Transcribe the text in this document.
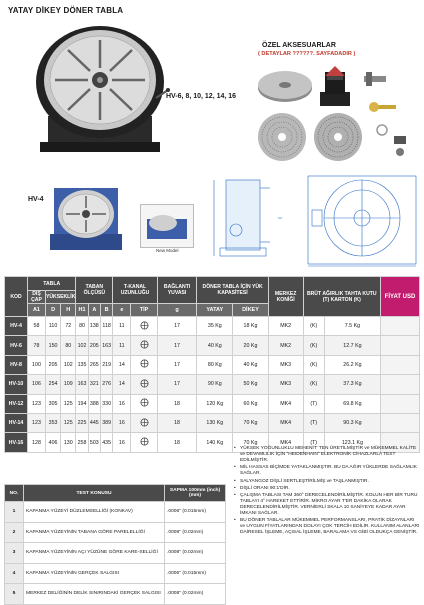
YATAY DİKEY DÖNER TABLA
HV-6, 8, 10, 12, 14, 16
ÖZEL AKSESUARLAR
( DETAYLAR ??????. SAYFADADIR )
HV-4
New Model
KOD	TABLA			TABAN ÖLÇÜSÜ			T-KANAL UZUNLUĞU		BAĞLANTI YUVASI	DÖNER TABLA İÇİN YÜK KAPASİTESİ		MERKEZ KONİĞİ	BRÜT AĞIRLIK TAHTA KUTU (T) KARTON (K)		FİYAT USD
	DIŞ ÇAP	YÜKSEKLİK													
	A1	D	H	H1	A	B	e	TİP	g	YATAY	DİKEY				
HV-4	58	110	72	80	138	118	11		17	35 Kg	18 Kg	MK2	(K)	7.5 Kg	
HV-6	78	150	80	102	205	163	11		17	40 Kg	20 Kg	MK2	(K)	12.7 Kg	
HV-8	100	205	102	135	265	219	14		17	80 Kg	40 Kg	MK3	(K)	26.2 Kg	
HV-10	106	254	109	163	321	276	14		17	90 Kg	50 Kg	MK3	(K)	37.3 Kg	
HV-12	123	305	125	194	388	330	16		18	120 Kg	60 Kg	MK4	(T)	69.8 Kg	
HV-14	123	353	125	225	445	389	16		18	130 Kg	70 Kg	MK4	(T)	90.3 Kg	
HV-16	128	406	130	258	503	435	16		18	140 Kg	70 Kg	MK4	(T)	123.1 Kg	
NO.	TEST KONUSU	SAPMA 100mm (inch) (mm)
1	KAPANMA YÜZEYİ DÜZLEMSELLİĞİ (KONKAV)	.0006" (0.015mm)
2	KAPANMA YÜZEYİNİN TABANA GÖRE PARELELLİĞİ	.0008" (0.02mm)
3	KAPANMA YÜZEYİNİN AÇI YÜZÜNE GÖRE KARE-SELLİĞİ	.0008" (0.02mm)
4	KAPANMA YÜZEYİNİN GERÇEK SALGISI	.0006" (0.015mm)
5	MERKEZ DELİĞİNİN DELİK SINIRINDAKİ GERÇEK SALGISI	.0008" (0.02mm)
• YÜKSEK YOĞUNLUKLU MEHENİT' TEN ÜRETİLMİŞTİR ve MÜKEMMEL KALİTE ve DEVAMLILIK İÇİN "HEIDENHAIN" ELEKTRONİK CİHAZLARLA TEST EDİLMİŞTİR.
• MİL HASSAS BİÇİMDE YATAKLANMIŞTIR. BU DA AĞIR YÜKLERDE SAĞLAMLIK SAĞLAR.
• SALYANGOZ DİŞLİ SERTLEŞTİRİLMİŞ ve TAŞLANMIŞTIR.
• DİŞLİ ORANI 90:1'DİR.
• ÇALIŞMA TABLASI TAM 360° DERECELENDİRİLMİŞTİR. KOLUN HER BİR TURU TABLAYI 4° HAREKET ETTİRİR. MİKRO AYAR T'ER DAKİKA OLARAK DERECELENDİRİLMİŞTİR. VERNİERLİ SKALA 10 SANİYEYE KADAR AYAR İMKANI SAĞLAR.
• BU DÖNER TABLALAR MÜKEMMEL PERFORMANSLARI, PRATİK DİZAYNLARI ve UYGUN FİYATLARINDAN DOLAYI ÇOK TERCİH EDİLİR. KULLANIM ALANLARI DAİRESEL İŞLEME, AÇISAL İŞLEME, BARALAMA VS GİBİ OLDUKÇA GENİŞTİR.
